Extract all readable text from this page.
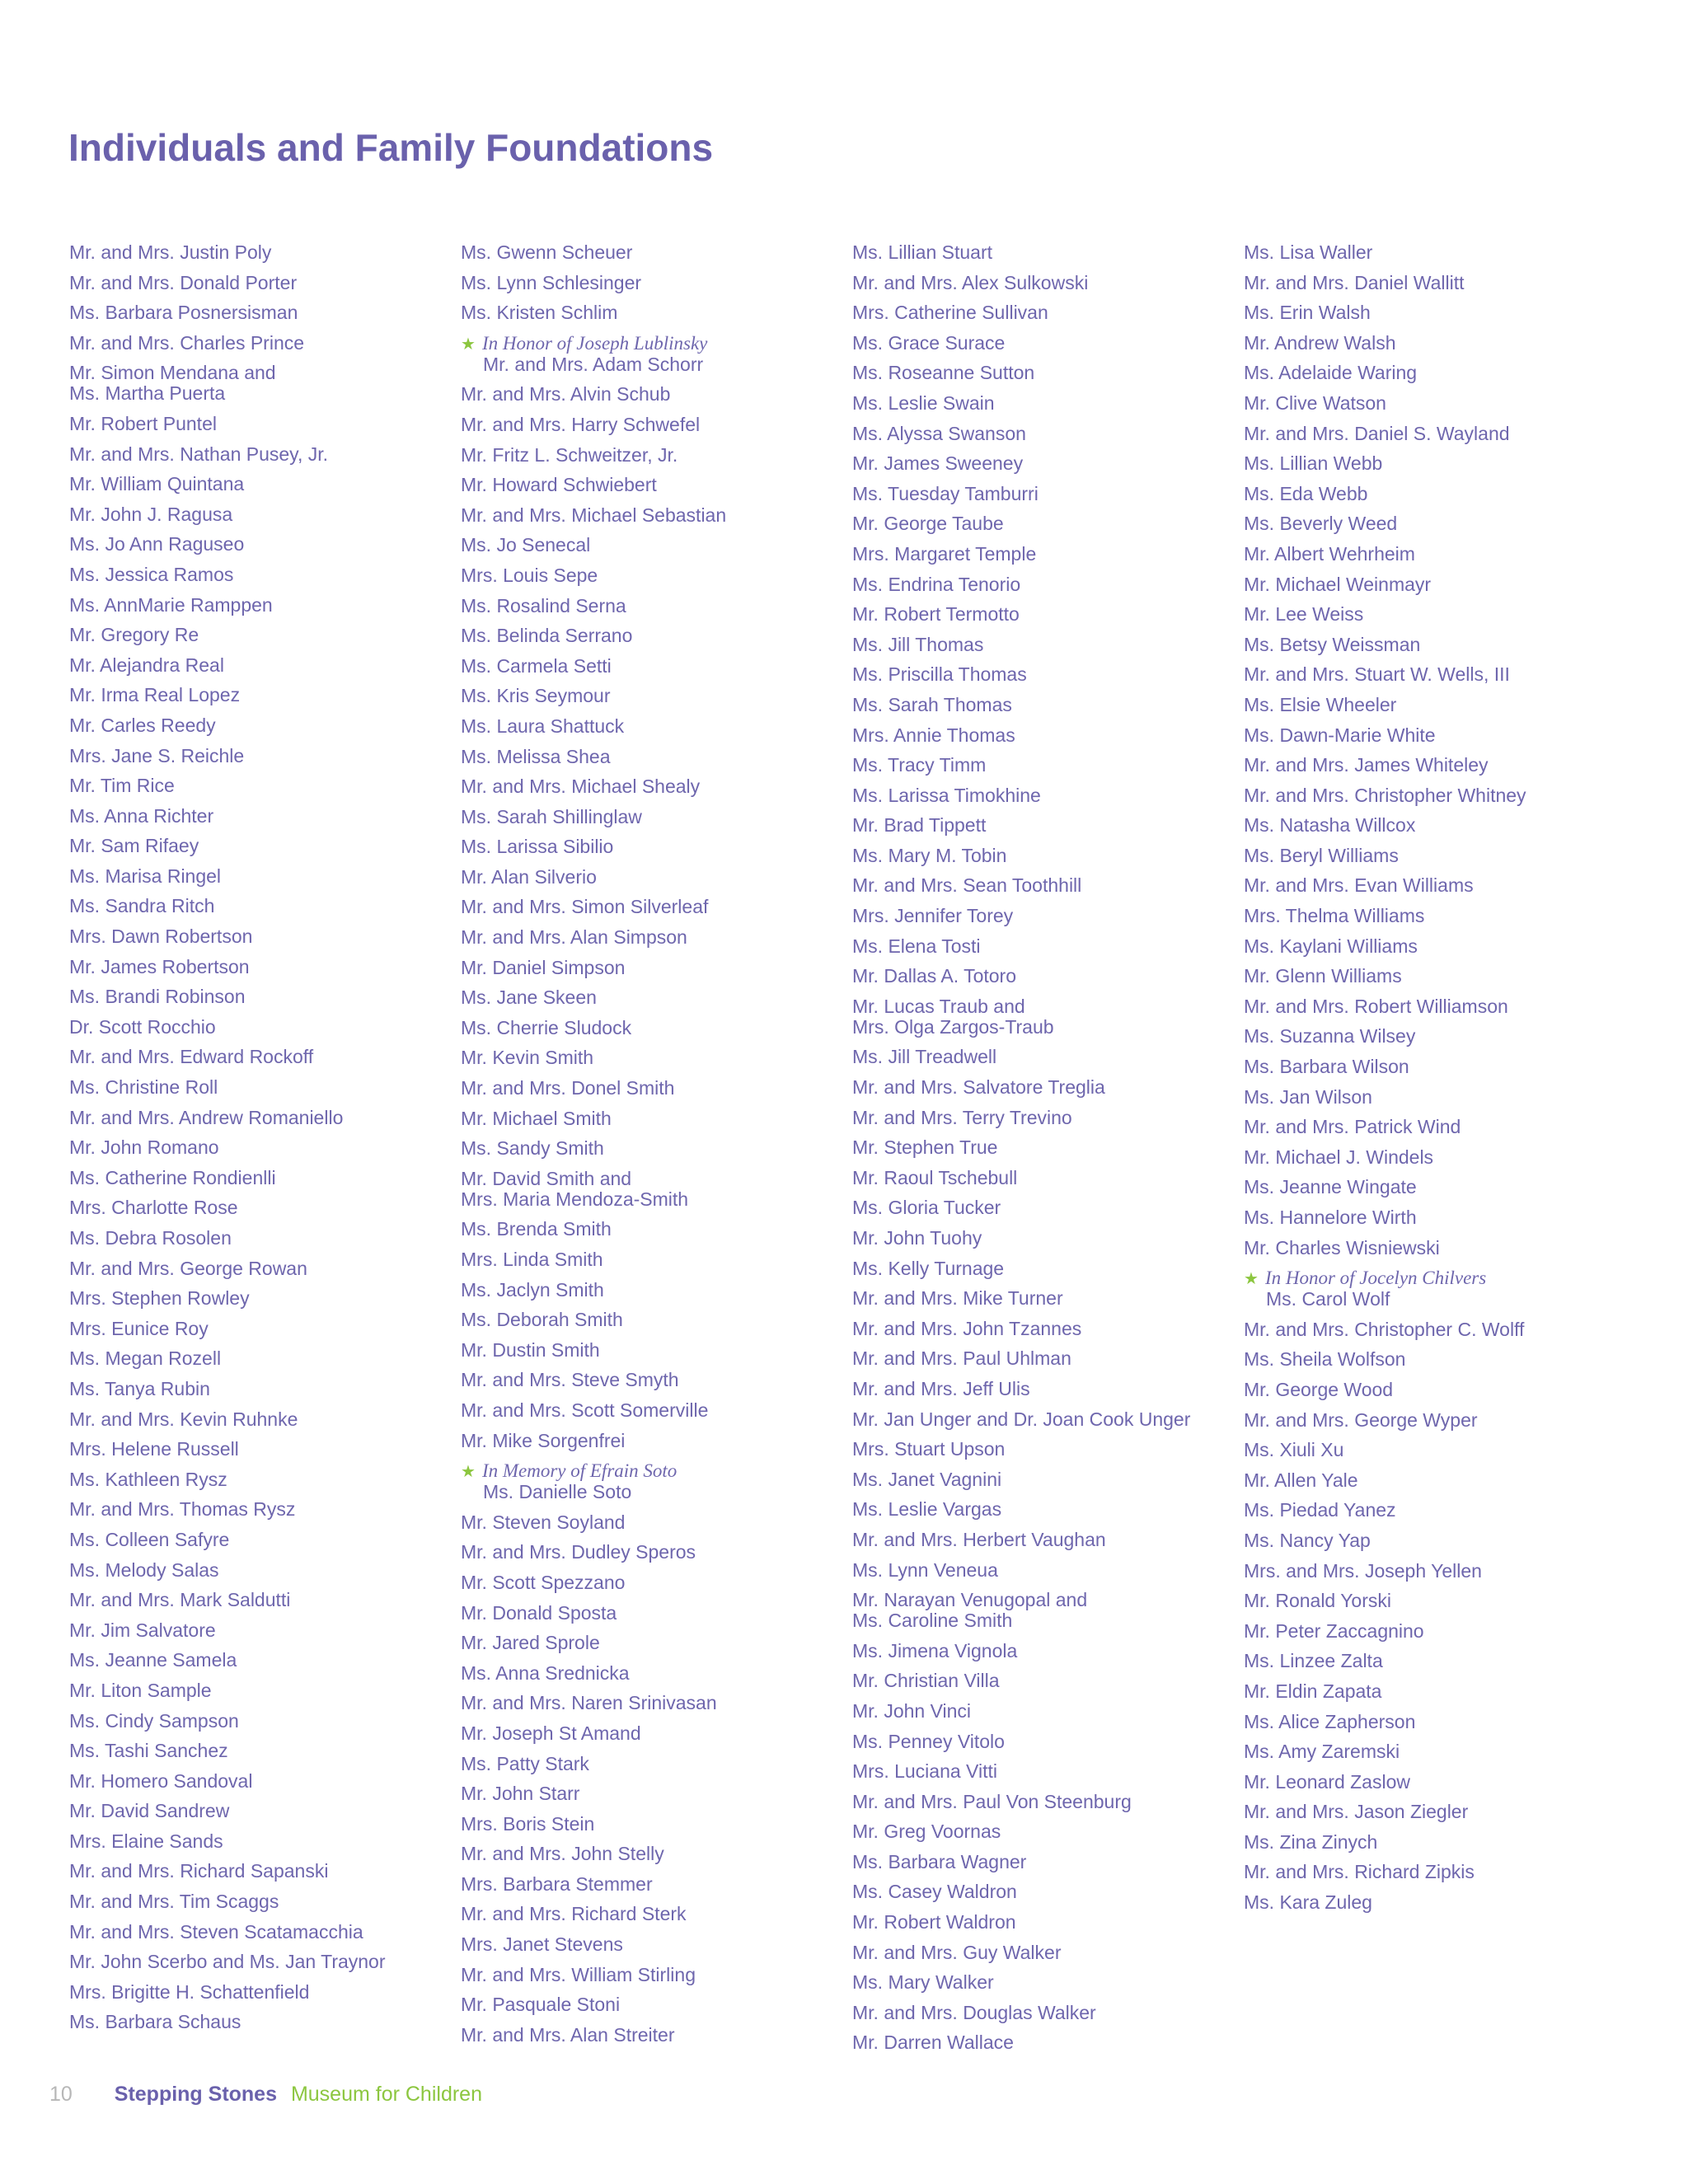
Individuals and Family Foundations
Mr. and Mrs. Justin Poly
Mr. and Mrs. Donald Porter
Ms. Barbara Posnersisman
Mr. and Mrs. Charles Prince
Mr. Simon Mendana and
Ms. Martha Puerta
Mr. Robert Puntel
Mr. and Mrs. Nathan Pusey, Jr.
Mr. William Quintana
Mr. John J. Ragusa
Ms. Jo Ann Raguseo
Ms. Jessica Ramos
Ms. AnnMarie Ramppen
Mr. Gregory Re
Mr. Alejandra Real
Mr. Irma Real Lopez
Mr. Carles Reedy
Mrs. Jane S. Reichle
Mr. Tim Rice
Ms. Anna Richter
Mr. Sam Rifaey
Ms. Marisa Ringel
Ms. Sandra Ritch
Mrs. Dawn Robertson
Mr. James Robertson
Ms. Brandi Robinson
Dr. Scott Rocchio
Mr. and Mrs. Edward Rockoff
Ms. Christine Roll
Mr. and Mrs. Andrew Romaniello
Mr. John Romano
Ms. Catherine Rondienlli
Mrs. Charlotte Rose
Ms. Debra Rosolen
Mr. and Mrs. George Rowan
Mrs. Stephen Rowley
Mrs. Eunice Roy
Ms. Megan Rozell
Ms. Tanya Rubin
Mr. and Mrs. Kevin Ruhnke
Mrs. Helene Russell
Ms. Kathleen Rysz
Mr. and Mrs. Thomas Rysz
Ms. Colleen Safyre
Ms. Melody Salas
Mr. and Mrs. Mark Saldutti
Mr. Jim Salvatore
Ms. Jeanne Samela
Mr. Liton Sample
Ms. Cindy Sampson
Ms. Tashi Sanchez
Mr. Homero Sandoval
Mr. David Sandrew
Mrs. Elaine Sands
Mr. and Mrs. Richard Sapanski
Mr. and Mrs. Tim Scaggs
Mr. and Mrs. Steven Scatamacchia
Mr. John Scerbo and Ms. Jan Traynor
Mrs. Brigitte H. Schattenfield
Ms. Barbara Schaus
Ms. Gwenn Scheuer
Ms. Lynn Schlesinger
Ms. Kristen Schlim
★ In Honor of Joseph Lublinsky
Mr. and Mrs. Adam Schorr
Mr. and Mrs. Alvin Schub
Mr. and Mrs. Harry Schwefel
Mr. Fritz L. Schweitzer, Jr.
Mr. Howard Schwiebert
Mr. and Mrs. Michael Sebastian
Ms. Jo Senecal
Mrs. Louis Sepe
Ms. Rosalind Serna
Ms. Belinda Serrano
Ms. Carmela Setti
Ms. Kris Seymour
Ms. Laura Shattuck
Ms. Melissa Shea
Mr. and Mrs. Michael Shealy
Ms. Sarah Shillinglaw
Ms. Larissa Sibilio
Mr. Alan Silverio
Mr. and Mrs. Simon Silverleaf
Mr. and Mrs. Alan Simpson
Mr. Daniel Simpson
Ms. Jane Skeen
Ms. Cherrie Sludock
Mr. Kevin Smith
Mr. and Mrs. Donel Smith
Mr. Michael Smith
Ms. Sandy Smith
Mr. David Smith and
Mrs. Maria Mendoza-Smith
Ms. Brenda Smith
Mrs. Linda Smith
Ms. Jaclyn Smith
Ms. Deborah Smith
Mr. Dustin Smith
Mr. and Mrs. Steve Smyth
Mr. and Mrs. Scott Somerville
Mr. Mike Sorgenfrei
★ In Memory of Efrain Soto
Ms. Danielle Soto
Mr. Steven Soyland
Mr. and Mrs. Dudley Speros
Mr. Scott Spezzano
Mr. Donald Sposta
Mr. Jared Sprole
Ms. Anna Srednicka
Mr. and Mrs. Naren Srinivasan
Mr. Joseph St Amand
Ms. Patty Stark
Mr. John Starr
Mrs. Boris Stein
Mr. and Mrs. John Stelly
Mrs. Barbara Stemmer
Mr. and Mrs. Richard Sterk
Mrs. Janet Stevens
Mr. and Mrs. William Stirling
Mr. Pasquale Stoni
Mr. and Mrs. Alan Streiter
Ms. Lillian Stuart
Mr. and Mrs. Alex Sulkowski
Mrs. Catherine Sullivan
Ms. Grace Surace
Ms. Roseanne Sutton
Ms. Leslie Swain
Ms. Alyssa Swanson
Mr. James Sweeney
Ms. Tuesday Tamburri
Mr. George Taube
Mrs. Margaret Temple
Ms. Endrina Tenorio
Mr. Robert Termotto
Ms. Jill Thomas
Ms. Priscilla Thomas
Ms. Sarah Thomas
Mrs. Annie Thomas
Ms. Tracy Timm
Ms. Larissa Timokhine
Mr. Brad Tippett
Ms. Mary M. Tobin
Mr. and Mrs. Sean Toothhill
Mrs. Jennifer Torey
Ms. Elena Tosti
Mr. Dallas A. Totoro
Mr. Lucas Traub and
Mrs. Olga Zargos-Traub
Ms. Jill Treadwell
Mr. and Mrs. Salvatore Treglia
Mr. and Mrs. Terry Trevino
Mr. Stephen True
Mr. Raoul Tschebull
Ms. Gloria Tucker
Mr. John Tuohy
Ms. Kelly Turnage
Mr. and Mrs. Mike Turner
Mr. and Mrs. John Tzannes
Mr. and Mrs. Paul Uhlman
Mr. and Mrs. Jeff Ulis
Mr. Jan Unger and Dr. Joan Cook Unger
Mrs. Stuart Upson
Ms. Janet Vagnini
Ms. Leslie Vargas
Mr. and Mrs. Herbert Vaughan
Ms. Lynn Veneua
Mr. Narayan Venugopal and
Ms. Caroline Smith
Ms. Jimena Vignola
Mr. Christian Villa
Mr. John Vinci
Ms. Penney Vitolo
Mrs. Luciana Vitti
Mr. and Mrs. Paul Von Steenburg
Mr. Greg Voornas
Ms. Barbara Wagner
Ms. Casey Waldron
Mr. Robert Waldron
Mr. and Mrs. Guy Walker
Ms. Mary Walker
Mr. and Mrs. Douglas Walker
Mr. Darren Wallace
Ms. Lisa Waller
Mr. and Mrs. Daniel Wallitt
Ms. Erin Walsh
Mr. Andrew Walsh
Ms. Adelaide Waring
Mr. Clive Watson
Mr. and Mrs. Daniel S. Wayland
Ms. Lillian Webb
Ms. Eda Webb
Ms. Beverly Weed
Mr. Albert Wehrheim
Mr. Michael Weinmayr
Mr. Lee Weiss
Ms. Betsy Weissman
Mr. and Mrs. Stuart W. Wells, III
Ms. Elsie Wheeler
Ms. Dawn-Marie White
Mr. and Mrs. James Whiteley
Mr. and Mrs. Christopher Whitney
Ms. Natasha Willcox
Ms. Beryl Williams
Mr. and Mrs. Evan Williams
Mrs. Thelma Williams
Ms. Kaylani Williams
Mr. Glenn Williams
Mr. and Mrs. Robert Williamson
Ms. Suzanna Wilsey
Ms. Barbara Wilson
Ms. Jan Wilson
Mr. and Mrs. Patrick Wind
Mr. Michael J. Windels
Ms. Jeanne Wingate
Ms. Hannelore Wirth
Mr. Charles Wisniewski
★ In Honor of Jocelyn Chilvers
Ms. Carol Wolf
Mr. and Mrs. Christopher C. Wolff
Ms. Sheila Wolfson
Mr. George Wood
Mr. and Mrs. George Wyper
Ms. Xiuli Xu
Mr. Allen Yale
Ms. Piedad Yanez
Ms. Nancy Yap
Mrs. and Mrs. Joseph Yellen
Mr. Ronald Yorski
Mr. Peter Zaccagnino
Ms. Linzee Zalta
Mr. Eldin Zapata
Ms. Alice Zapherson
Ms. Amy Zaremski
Mr. Leonard Zaslow
Mr. and Mrs. Jason Ziegler
Ms. Zina Zinych
Mr. and Mrs. Richard Zipkis
Ms. Kara Zuleg
10 Stepping Stones Museum for Children
